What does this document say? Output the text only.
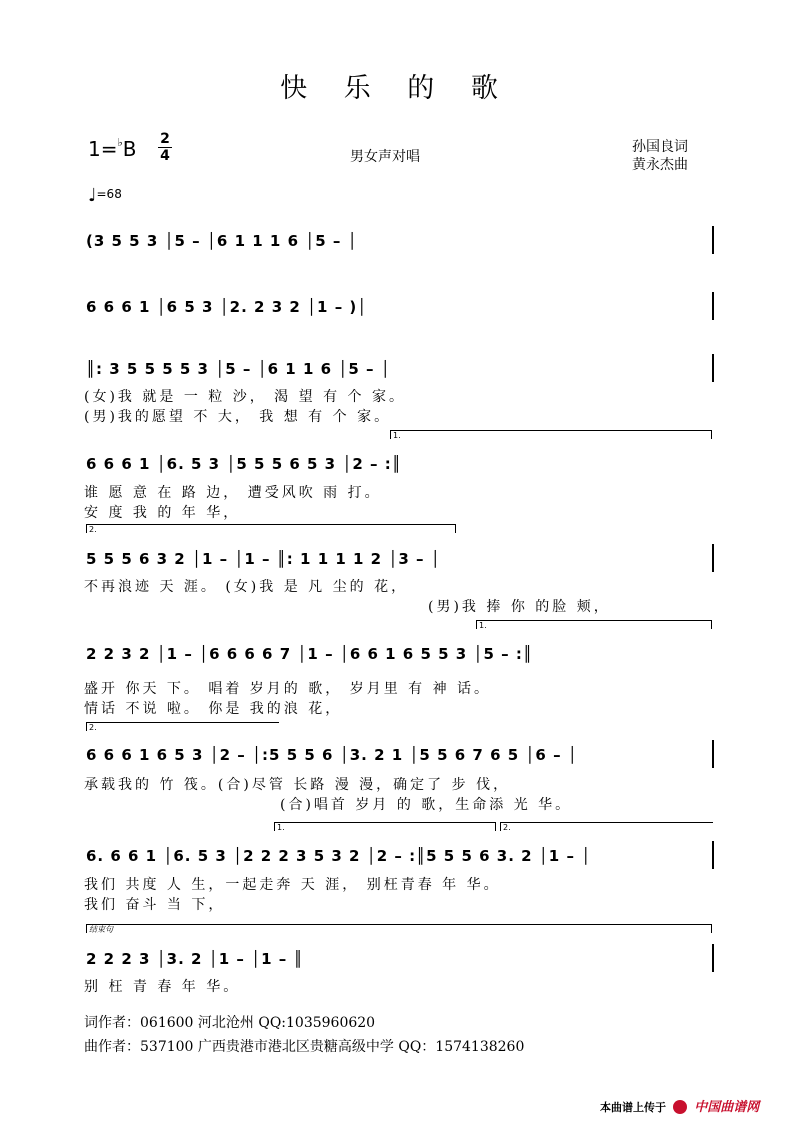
快 乐 的 歌
1=♭B 2
4	男女声对唱
孙国良词
黄永杰曲
♩=68
(3 5 5 3 │5 – │6 1 1 1 6 │5 – │
6 6 6 1 │6 5 3 │2. 2 3 2 │1 – )│
║: 3 5 5 5 5 3 │5 – │6 1 1 6 │5 – │
(女)我 就是 一 粒 沙， 渴 望 有 个 家。
(男)我的愿望 不 大， 我 想 有 个 家。
1.
6 6 6 1 │6. 5 3 │5 5 5 6 5 3 │2 – :║
谁 愿 意 在 路 边， 遭受风吹 雨 打。
安 度 我 的 年 华，
2.
5 5 5 6 3 2 │1 – │1 – ║: 1 1 1 1 2 │3 – │
不再浪迹 天 涯。 (女)我 是 凡 尘的 花，
(男)我 捧 你 的脸 颊，
1.
2 2 3 2 │1 – │6 6 6 6 7 │1 – │6 6 1 6 5 5 3 │5 – :║
盛开 你天 下。 唱着 岁月的 歌， 岁月里 有 神 话。
情话 不说 啦。 你是 我的浪 花，
2.
6 6 6 1 6 5 3 │2 – │:5 5 5 6 │3. 2 1 │5 5 6 7 6 5 │6 – │
承载我的 竹 筏。(合)尽管 长路 漫 漫，确定了 步 伐，
(合)唱首 岁月 的 歌，生命添 光 华。
1.	2.
6. 6 6 1 │6. 5 3 │2 2 2 3 5 3 2 │2 – :║5 5 5 6 3. 2 │1 – │
我们 共度 人 生，一起走奔 天 涯， 别枉青春 年 华。
我们 奋斗 当 下，
结束句
2 2 2 3 │3. 2 │1 – │1 – ║
别 枉 青 春 年 华。
词作者：061600 河北沧州 QQ:1035960620
曲作者：537100 广西贵港市港北区贵糖高级中学 QQ：1574138260
本曲谱上传于 中国曲谱网
